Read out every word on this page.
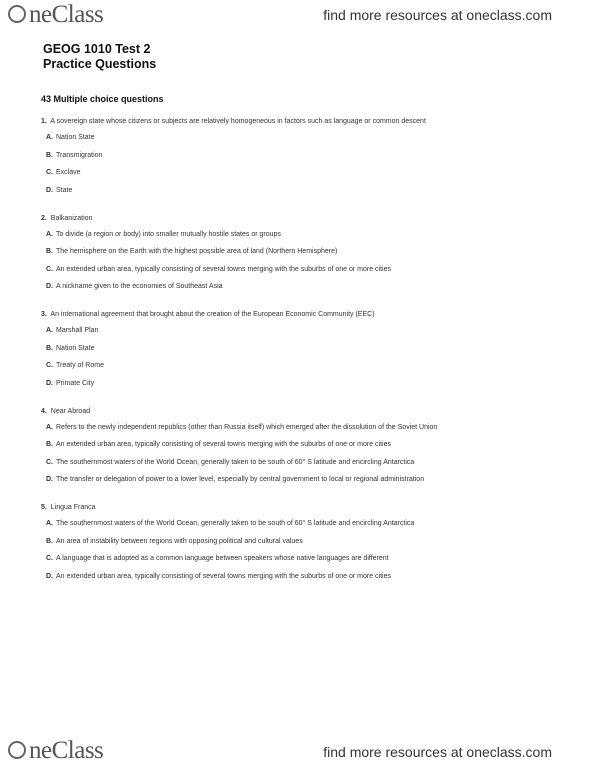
neClass	find more resources at oneclass.com
GEOG 1010 Test 2
Practice Questions
43 Multiple choice questions
1. A sovereign state whose citizens or subjects are relatively homogeneous in factors such as language or common descent
A. Nation State
B. Transmigration
C. Exclave
D. State
2. Balkanization
A. To divide (a region or body) into smaller mutually hostile states or groups
B. The hemisphere on the Earth with the highest possible area of land (Northern Hemisphere)
C. An extended urban area, typically consisting of several towns merging with the suburbs of one or more cities
D. A nickname given to the economies of Southeast Asia
3. An international agreement that brought about the creation of the European Economic Community (EEC)
A. Marshall Plan
B. Nation State
C. Treaty of Rome
D. Primate City
4. Near Abroad
A. Refers to the newly independent republics (other than Russia itself) which emerged after the dissolution of the Soviet Union
B. An extended urban area, typically consisting of several towns merging with the suburbs of one or more cities
C. The southernmost waters of the World Ocean, generally taken to be south of 60° S latitude and encircling Antarctica
D. The transfer or delegation of power to a lower level, especially by central government to local or regional administration
5. Lingua Franca
A. The southernmost waters of the World Ocean, generally taken to be south of 60° S latitude and encircling Antarctica
B. An area of instability between regions with opposing political and cultural values
C. A language that is adopted as a common language between speakers whose native languages are different
D. An extended urban area, typically consisting of several towns merging with the suburbs of one or more cities
neClass	find more resources at oneclass.com
